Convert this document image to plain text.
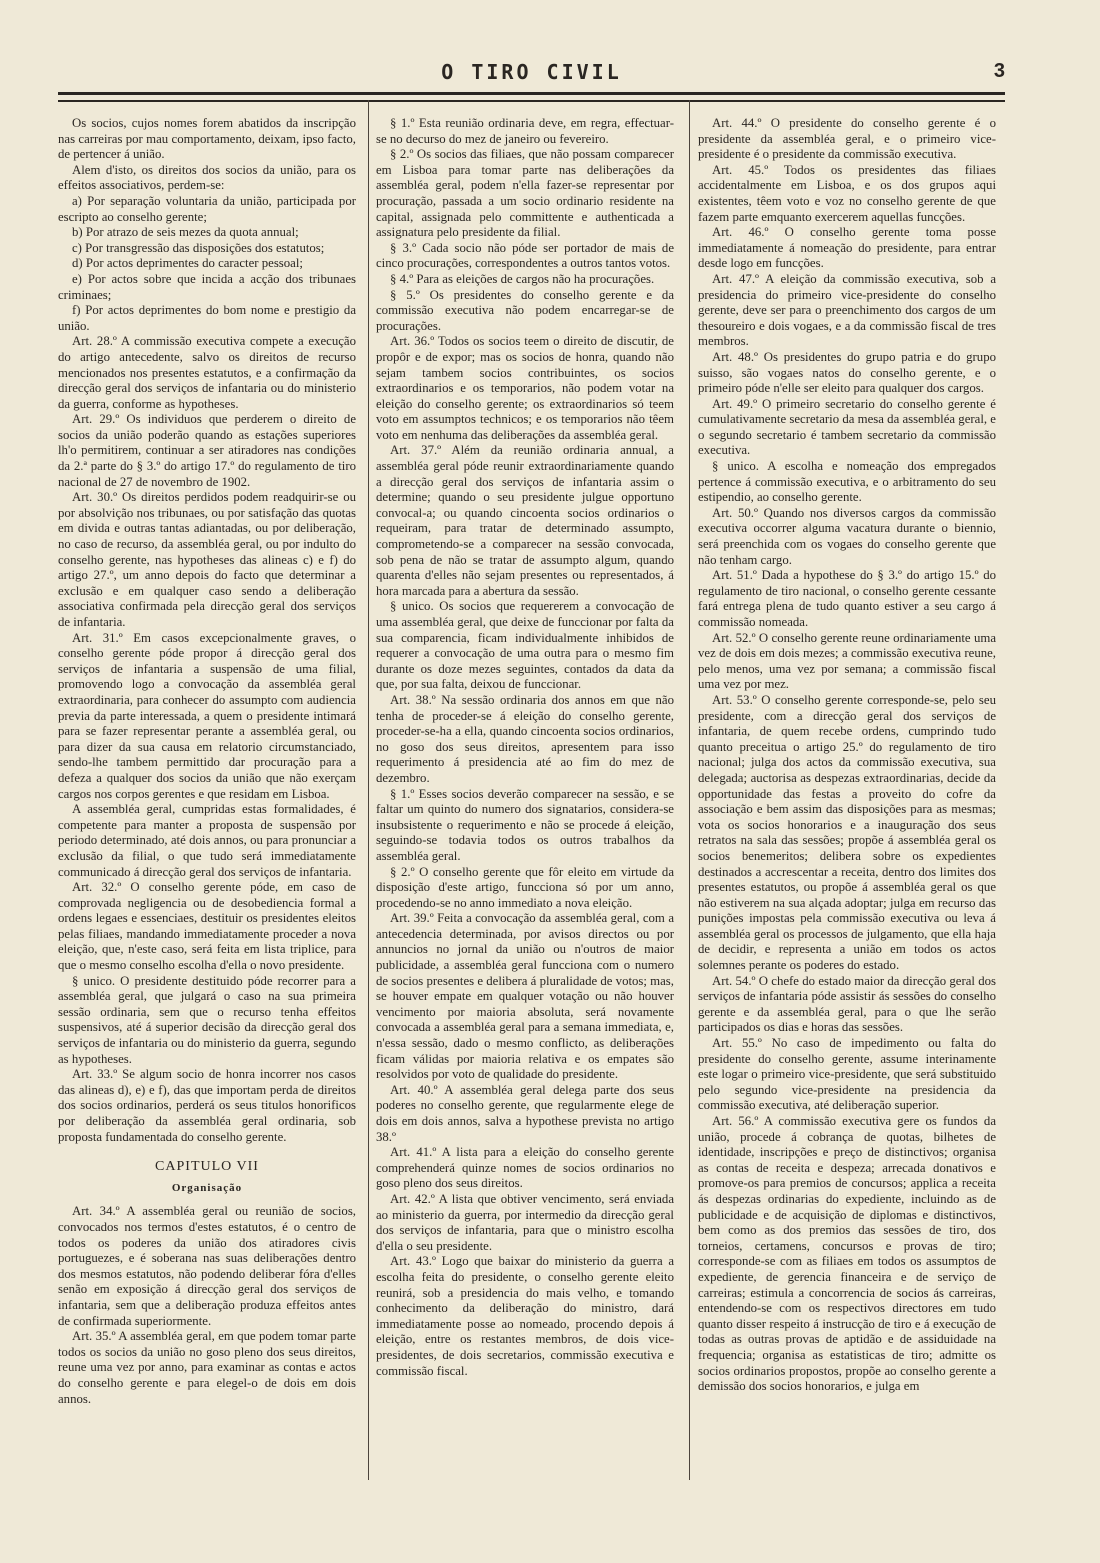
O TIRO CIVIL	3

Os socios, cujos nomes forem abatidos da inscripção nas carreiras por mau comportamento, deixam, ipso facto, de pertencer á união.

Alem d'isto, os direitos dos socios da união, para os effeitos associativos, perdem-se:

a) Por separação voluntaria da união, participada por escripto ao conselho gerente;

b) Por atrazo de seis mezes da quota annual;

c) Por transgressão das disposições dos estatutos;

d) Por actos deprimentes do caracter pessoal;

e) Por actos sobre que incida a acção dos tribunaes criminaes;

f) Por actos deprimentes do bom nome e prestigio da união.

Art. 28.º A commissão executiva compete a execução do artigo antecedente, salvo os direitos de recurso mencionados nos presentes estatutos, e a confirmação da direcção geral dos serviços de infantaria ou do ministerio da guerra, conforme as hypotheses.

Art. 29.º Os individuos que perderem o direito de socios da união poderão quando as estações superiores lh'o permitirem, continuar a ser atiradores nas condições da 2.ª parte do § 3.º do artigo 17.º do regulamento de tiro nacional de 27 de novembro de 1902.

Art. 30.º Os direitos perdidos podem readquirir-se ou por absolvição nos tribunaes, ou por satisfação das quotas em divida e outras tantas adiantadas, ou por deliberação, no caso de recurso, da assembléa geral, ou por indulto do conselho gerente, nas hypotheses das alineas c) e f) do artigo 27.º, um anno depois do facto que determinar a exclusão e em qualquer caso sendo a deliberação associativa confirmada pela direcção geral dos serviços de infantaria.

Art. 31.º Em casos excepcionalmente graves, o conselho gerente póde propor á direcção geral dos serviços de infantaria a suspensão de uma filial, promovendo logo a convocação da assembléa geral extraordinaria, para conhecer do assumpto com audiencia previa da parte interessada, a quem o presidente intimará para se fazer representar perante a assembléa geral, ou para dizer da sua causa em relatorio circumstanciado, sendo-lhe tambem permittido dar procuração para a defeza a qualquer dos socios da união que não exerçam cargos nos corpos gerentes e que residam em Lisboa.

A assembléa geral, cumpridas estas formalidades, é competente para manter a proposta de suspensão por periodo determinado, até dois annos, ou para pronunciar a exclusão da filial, o que tudo será immediatamente communicado á direcção geral dos serviços de infantaria.

Art. 32.º O conselho gerente póde, em caso de comprovada negligencia ou de desobediencia formal a ordens legaes e essenciaes, destituir os presidentes eleitos pelas filiaes, mandando immediatamente proceder a nova eleição, que, n'este caso, será feita em lista triplice, para que o mesmo conselho escolha d'ella o novo presidente.

§ unico. O presidente destituido póde recorrer para a assembléa geral, que julgará o caso na sua primeira sessão ordinaria, sem que o recurso tenha effeitos suspensivos, até á superior decisão da direcção geral dos serviços de infantaria ou do ministerio da guerra, segundo as hypotheses.

Art. 33.º Se algum socio de honra incorrer nos casos das alineas d), e) e f), das que importam perda de direitos dos socios ordinarios, perderá os seus titulos honorificos por deliberação da assembléa geral ordinaria, sob proposta fundamentada do conselho gerente.

CAPITULO VII

Organisação

Art. 34.º A assembléa geral ou reunião de socios, convocados nos termos d'estes estatutos, é o centro de todos os poderes da união dos atiradores civis portuguezes, e é soberana nas suas deliberações dentro dos mesmos estatutos, não podendo deliberar fóra d'elles senão em exposição á direcção geral dos serviços de infantaria, sem que a deliberação produza effeitos antes de confirmada superiormente.

Art. 35.º A assembléa geral, em que podem tomar parte todos os socios da união no goso pleno dos seus direitos, reune uma vez por anno, para examinar as contas e actos do conselho gerente e para elegel-o de dois em dois annos.

§ 1.º Esta reunião ordinaria deve, em regra, effectuar-se no decurso do mez de janeiro ou fevereiro.

§ 2.º Os socios das filiaes, que não possam comparecer em Lisboa para tomar parte nas deliberações da assembléa geral, podem n'ella fazer-se representar por procuração, passada a um socio ordinario residente na capital, assignada pelo committente e authenticada a assignatura pelo presidente da filial.

§ 3.º Cada socio não póde ser portador de mais de cinco procurações, correspondentes a outros tantos votos.

§ 4.º Para as eleições de cargos não ha procurações.

§ 5.º Os presidentes do conselho gerente e da commissão executiva não podem encarregar-se de procurações.

Art. 36.º Todos os socios teem o direito de discutir, de propôr e de expor; mas os socios de honra, quando não sejam tambem socios contribuintes, os socios extraordinarios e os temporarios, não podem votar na eleição do conselho gerente; os extraordinarios só teem voto em assumptos technicos; e os temporarios não têem voto em nenhuma das deliberações da assembléa geral.

Art. 37.º Além da reunião ordinaria annual, a assembléa geral póde reunir extraordinariamente quando a direcção geral dos serviços de infantaria assim o determine; quando o seu presidente julgue opportuno convocal-a; ou quando cincoenta socios ordinarios o requeiram, para tratar de determinado assumpto, comprometendo-se a comparecer na sessão convocada, sob pena de não se tratar de assumpto algum, quando quarenta d'elles não sejam presentes ou representados, á hora marcada para a abertura da sessão.

§ unico. Os socios que requererem a convocação de uma assembléa geral, que deixe de funccionar por falta da sua comparencia, ficam individualmente inhibidos de requerer a convocação de uma outra para o mesmo fim durante os doze mezes seguintes, contados da data da que, por sua falta, deixou de funccionar.

Art. 38.º Na sessão ordinaria dos annos em que não tenha de proceder-se á eleição do conselho gerente, proceder-se-ha a ella, quando cincoenta socios ordinarios, no goso dos seus direitos, apresentem para isso requerimento á presidencia até ao fim do mez de dezembro.

§ 1.º Esses socios deverão comparecer na sessão, e se faltar um quinto do numero dos signatarios, considera-se insubsistente o requerimento e não se procede á eleição, seguindo-se todavia todos os outros trabalhos da assembléa geral.

§ 2.º O conselho gerente que fôr eleito em virtude da disposição d'este artigo, funcciona só por um anno, procedendo-se no anno immediato a nova eleição.

Art. 39.º Feita a convocação da assembléa geral, com a antecedencia determinada, por avisos directos ou por annuncios no jornal da união ou n'outros de maior publicidade, a assembléa geral funcciona com o numero de socios presentes e delibera á pluralidade de votos; mas, se houver empate em qualquer votação ou não houver vencimento por maioria absoluta, será novamente convocada a assembléa geral para a semana immediata, e, n'essa sessão, dado o mesmo conflicto, as deliberações ficam válidas por maioria relativa e os empates são resolvidos por voto de qualidade do presidente.

Art. 40.º A assembléa geral delega parte dos seus poderes no conselho gerente, que regularmente elege de dois em dois annos, salva a hypothese prevista no artigo 38.º

Art. 41.º A lista para a eleição do conselho gerente comprehenderá quinze nomes de socios ordinarios no goso pleno dos seus direitos.

Art. 42.º A lista que obtiver vencimento, será enviada ao ministerio da guerra, por intermedio da direcção geral dos serviços de infantaria, para que o ministro escolha d'ella o seu presidente.

Art. 43.º Logo que baixar do ministerio da guerra a escolha feita do presidente, o conselho gerente eleito reunirá, sob a presidencia do mais velho, e tomando conhecimento da deliberação do ministro, dará immediatamente posse ao nomeado, procendo depois á eleição, entre os restantes membros, de dois vice-presidentes, de dois secretarios, commissão executiva e commissão fiscal.

Art. 44.º O presidente do conselho gerente é o presidente da assembléa geral, e o primeiro vice-presidente é o presidente da commissão executiva.

Art. 45.º Todos os presidentes das filiaes accidentalmente em Lisboa, e os dos grupos aqui existentes, têem voto e voz no conselho gerente de que fazem parte emquanto exercerem aquellas funcções.

Art. 46.º O conselho gerente toma posse immediatamente á nomeação do presidente, para entrar desde logo em funcções.

Art. 47.º A eleição da commissão executiva, sob a presidencia do primeiro vice-presidente do conselho gerente, deve ser para o preenchimento dos cargos de um thesoureiro e dois vogaes, e a da commissão fiscal de tres membros.

Art. 48.º Os presidentes do grupo patria e do grupo suisso, são vogaes natos do conselho gerente, e o primeiro póde n'elle ser eleito para qualquer dos cargos.

Art. 49.º O primeiro secretario do conselho gerente é cumulativamente secretario da mesa da assembléa geral, e o segundo secretario é tambem secretario da commissão executiva.

§ unico. A escolha e nomeação dos empregados pertence á commissão executiva, e o arbitramento do seu estipendio, ao conselho gerente.

Art. 50.º Quando nos diversos cargos da commissão executiva occorrer alguma vacatura durante o biennio, será preenchida com os vogaes do conselho gerente que não tenham cargo.

Art. 51.º Dada a hypothese do § 3.º do artigo 15.º do regulamento de tiro nacional, o conselho gerente cessante fará entrega plena de tudo quanto estiver a seu cargo á commissão nomeada.

Art. 52.º O conselho gerente reune ordinariamente uma vez de dois em dois mezes; a commissão executiva reune, pelo menos, uma vez por semana; a commissão fiscal uma vez por mez.

Art. 53.º O conselho gerente corresponde-se, pelo seu presidente, com a direcção geral dos serviços de infantaria, de quem recebe ordens, cumprindo tudo quanto preceitua o artigo 25.º do regulamento de tiro nacional; julga dos actos da commissão executiva, sua delegada; auctorisa as despezas extraordinarias, decide da opportunidade das festas a proveito do cofre da associação e bem assim das disposições para as mesmas; vota os socios honorarios e a inauguração dos seus retratos na sala das sessões; propõe á assembléa geral os socios benemeritos; delibera sobre os expedientes destinados a accrescentar a receita, dentro dos limites dos presentes estatutos, ou propõe á assembléa geral os que não estiverem na sua alçada adoptar; julga em recurso das punições impostas pela commissão executiva ou leva á assembléa geral os processos de julgamento, que ella haja de decidir, e representa a união em todos os actos solemnes perante os poderes do estado.

Art. 54.º O chefe do estado maior da direcção geral dos serviços de infantaria póde assistir ás sessões do conselho gerente e da assembléa geral, para o que lhe serão participados os dias e horas das sessões.

Art. 55.º No caso de impedimento ou falta do presidente do conselho gerente, assume interinamente este logar o primeiro vice-presidente, que será substituido pelo segundo vice-presidente na presidencia da commissão executiva, até deliberação superior.

Art. 56.º A commissão executiva gere os fundos da união, procede á cobrança de quotas, bilhetes de identidade, inscripções e preço de distinctivos; organisa as contas de receita e despeza; arrecada donativos e promove-os para premios de concursos; applica a receita ás despezas ordinarias do expediente, incluindo as de publicidade e de acquisição de diplomas e distinctivos, bem como as dos premios das sessões de tiro, dos torneios, certamens, concursos e provas de tiro; corresponde-se com as filiaes em todos os assumptos de expediente, de gerencia financeira e de serviço de carreiras; estimula a concorrencia de socios ás carreiras, entendendo-se com os respectivos directores em tudo quanto disser respeito á instrucção de tiro e á execução de todas as outras provas de aptidão e de assiduidade na frequencia; organisa as estatisticas de tiro; admitte os socios ordinarios propostos, propõe ao conselho gerente a demissão dos socios honorarios, e julga em
